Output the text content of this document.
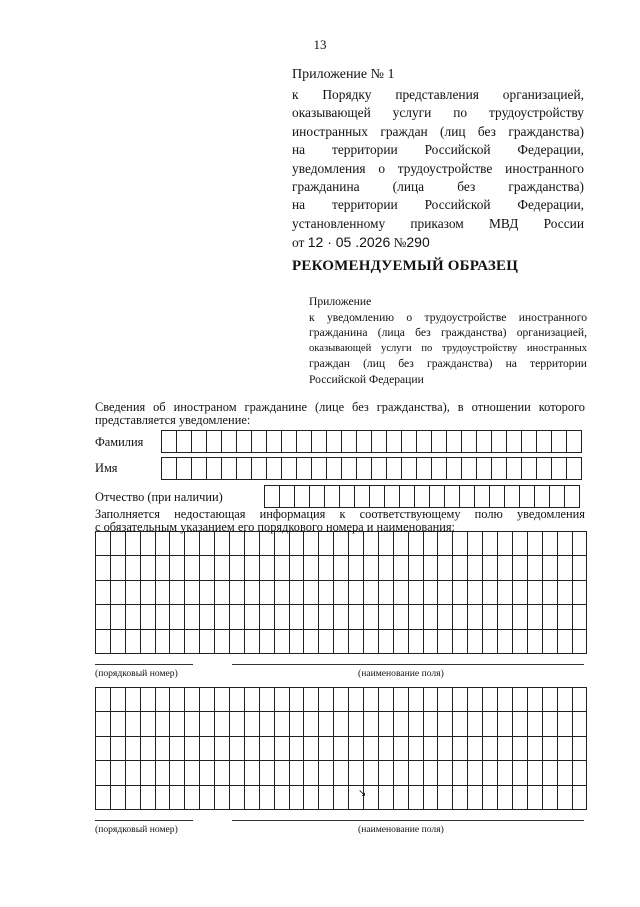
13
Приложение № 1
к Порядку представления организацией,
оказывающей услуги по трудоустройству
иностранных граждан (лиц без гражданства)
на территории Российской Федерации,
уведомления о трудоустройстве иностранного
гражданина (лица без гражданства)
на территории Российской Федерации,
установленному приказом МВД России
от 12 · 05 .2026 №290
РЕКОМЕНДУЕМЫЙ ОБРАЗЕЦ
Приложение
к уведомлению о трудоустройстве иностранного
гражданина (лица без гражданства) организацией,
оказывающей услуги по трудоустройству иностранных
граждан (лиц без гражданства) на территории
Российской Федерации
Сведения об иностраном гражданине (лице без гражданства), в отношении которого
представляется уведомление:
Фамилия
Имя
Отчество (при наличии)
Заполняется недостающая информация к соответствующему полю уведомления
с обязательным указанием его порядкового номера и наименования:
(порядковый номер)	(наименование поля)
↘
(порядковый номер)	(наименование поля)
